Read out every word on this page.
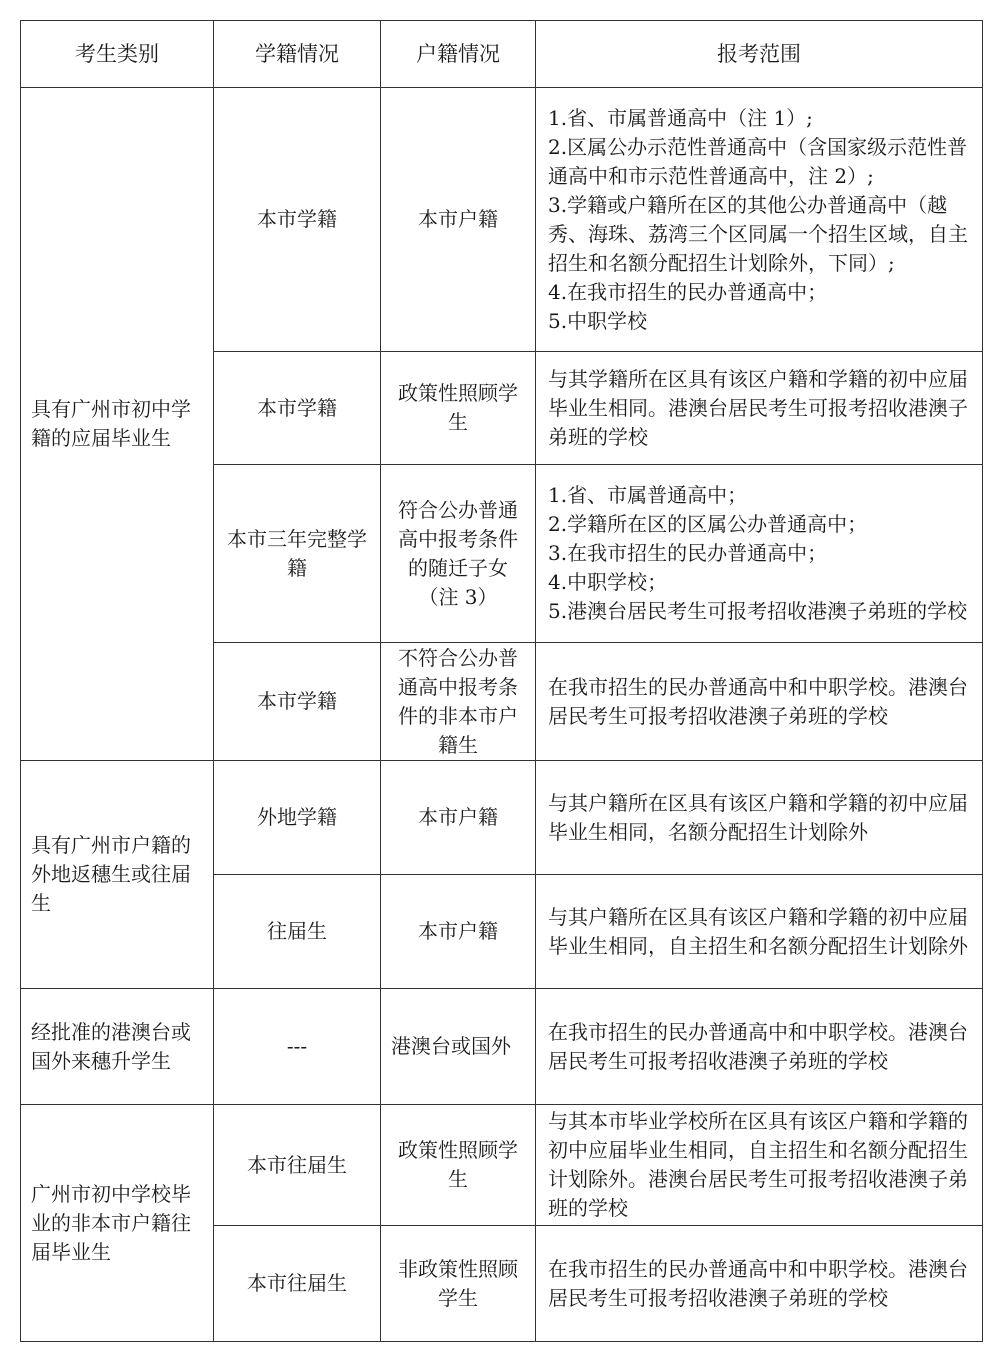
考生类别	学籍情况	户籍情况	报考范围
具有广州市初中学籍的应届毕业生	本市学籍	本市户籍	1.省、市属普通高中（注 1）;
2.区属公办示范性普通高中（含国家级示范性普通高中和市示范性普通高中，注 2）;
3.学籍或户籍所在区的其他公办普通高中（越秀、海珠、荔湾三个区同属一个招生区域，自主招生和名额分配招生计划除外，下同）;
4.在我市招生的民办普通高中；
5.中职学校

	本市学籍	政策性照顾学生	与其学籍所在区具有该区户籍和学籍的初中应届毕业生相同。港澳台居民考生可报考招收港澳子弟班的学校

	本市三年完整学籍	符合公办普通高中报考条件的随迁子女（注 3）	1.省、市属普通高中；
2.学籍所在区的区属公办普通高中；
3.在我市招生的民办普通高中；
4.中职学校；
5.港澳台居民考生可报考招收港澳子弟班的学校

	本市学籍	不符合公办普通高中报考条件的非本市户籍生	在我市招生的民办普通高中和中职学校。港澳台居民考生可报考招收港澳子弟班的学校

具有广州市户籍的外地返穗生或往届生	外地学籍	本市户籍	与其户籍所在区具有该区户籍和学籍的初中应届毕业生相同，名额分配招生计划除外

	往届生	本市户籍	与其户籍所在区具有该区户籍和学籍的初中应届毕业生相同，自主招生和名额分配招生计划除外

经批准的港澳台或国外来穗升学生	---	港澳台或国外	在我市招生的民办普通高中和中职学校。港澳台居民考生可报考招收港澳子弟班的学校

广州市初中学校毕业的非本市户籍往届毕业生	本市往届生	政策性照顾学生	与其本市毕业学校所在区具有该区户籍和学籍的初中应届毕业生相同，自主招生和名额分配招生计划除外。港澳台居民考生可报考招收港澳子弟班的学校

	本市往届生	非政策性照顾学生	在我市招生的民办普通高中和中职学校。港澳台居民考生可报考招收港澳子弟班的学校
